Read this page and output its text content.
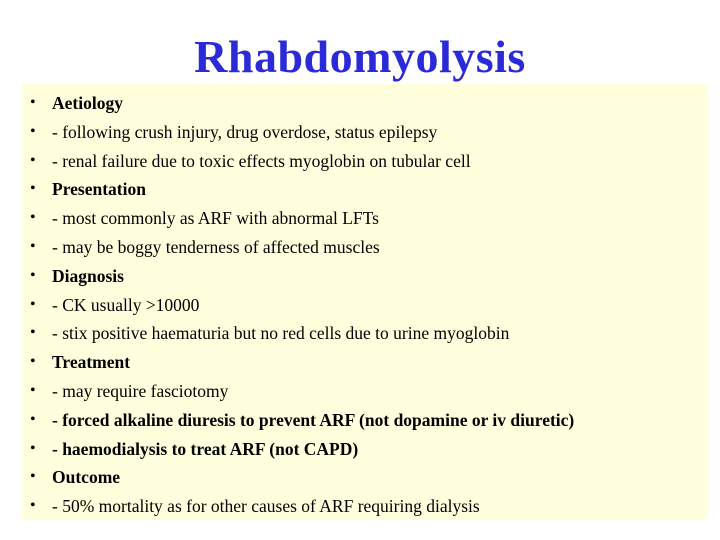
Rhabdomyolysis
• Aetiology
• - following crush injury, drug overdose, status epilepsy
• - renal failure due to toxic effects myoglobin on tubular cell
• Presentation
• - most commonly as ARF with abnormal LFTs
• - may be boggy tenderness of affected muscles
• Diagnosis
• - CK usually >10000
• - stix positive haematuria but no red cells due to urine myoglobin
• Treatment
• - may require fasciotomy
• - forced alkaline diuresis to prevent ARF (not dopamine or iv diuretic)
• - haemodialysis to treat ARF (not CAPD)
• Outcome
• - 50% mortality as for other causes of ARF requiring dialysis
